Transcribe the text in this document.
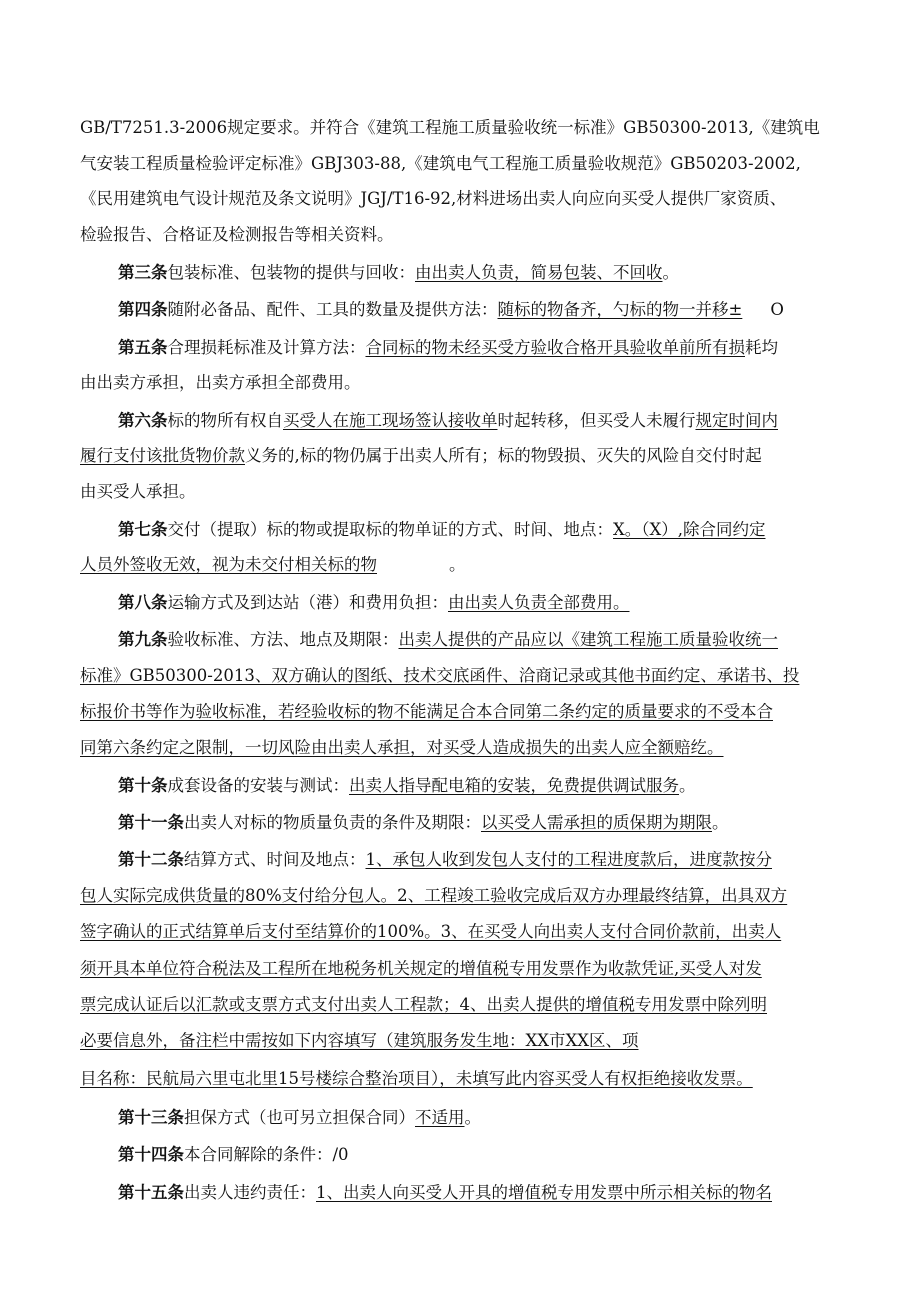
GB/T7251.3-2006规定要求。并符合《建筑工程施工质量验收统一标准》GB50300-2013,《建筑电
气安装工程质量检验评定标准》GBJ303-88,《建筑电气工程施工质量验收规范》GB50203-2002,
《民用建筑电气设计规范及条文说明》JGJ/T16-92,材料进场出卖人向应向买受人提供厂家资质、
检验报告、合格证及检测报告等相关资料。
第三条包装标准、包装物的提供与回收：由出卖人负责，简易包装、不回收。
第四条随附必备品、配件、工具的数量及提供方法：随标的物备齐，勺标的物一并移± O
第五条合理损耗标准及计算方法：合同标的物未经买受方验收合格开具验收单前所有损耗均
由出卖方承担，出卖方承担全部费用。
第六条标的物所有权自买受人在施工现场签认接收单时起转移，但买受人未履行规定时间内
履行支付该批货物价款义务的,标的物仍属于出卖人所有；标的物毁损、灭失的风险自交付时起
由买受人承担。
第七条交付（提取）标的物或提取标的物单证的方式、时间、地点：X。（X）,除合同约定
人员外签收无效，视为未交付相关标的物	。
第八条运输方式及到达站（港）和费用负担：由出卖人负责全部费用。
第九条验收标准、方法、地点及期限：出卖人提供的产品应以《建筑工程施工质量验收统一
标准》GB50300-2013、双方确认的图纸、技术交底函件、洽商记录或其他书面约定、承诺书、投
标报价书等作为验收标准，若经验收标的物不能满足合本合同第二条约定的质量要求的不受本合
同第六条约定之限制，一切风险由出卖人承担，对买受人造成损失的出卖人应全额赔纥。
第十条成套设备的安装与测试：出卖人指导配电箱的安装，免费提供调试服务。
第十一条出卖人对标的物质量负责的条件及期限：以买受人需承担的质保期为期限。
第十二条结算方式、时间及地点：1、承包人收到发包人支付的工程进度款后，进度款按分
包人实际完成供货量的80%支付给分包人。2、工程竣工验收完成后双方办理最终结算，出具双方
签字确认的正式结算单后支付至结算价的100%。3、在买受人向出卖人支付合同价款前，出卖人
须开具本单位符合税法及工程所在地税务机关规定的增值税专用发票作为收款凭证,买受人对发
票完成认证后以汇款或支票方式支付出卖人工程款；4、出卖人提供的增值税专用发票中除列明
必要信息外，备注栏中需按如下内容填写（建筑服务发生地：XX市XX区、项
目名称：民航局六里屯北里15号楼综合整治项目），未填写此内容买受人有权拒绝接收发票。
第十三条担保方式（也可另立担保合同）不适用。
第十四条本合同解除的条件：/0
第十五条出卖人违约责任：1、出卖人向买受人开具的增值税专用发票中所示相关标的物名
